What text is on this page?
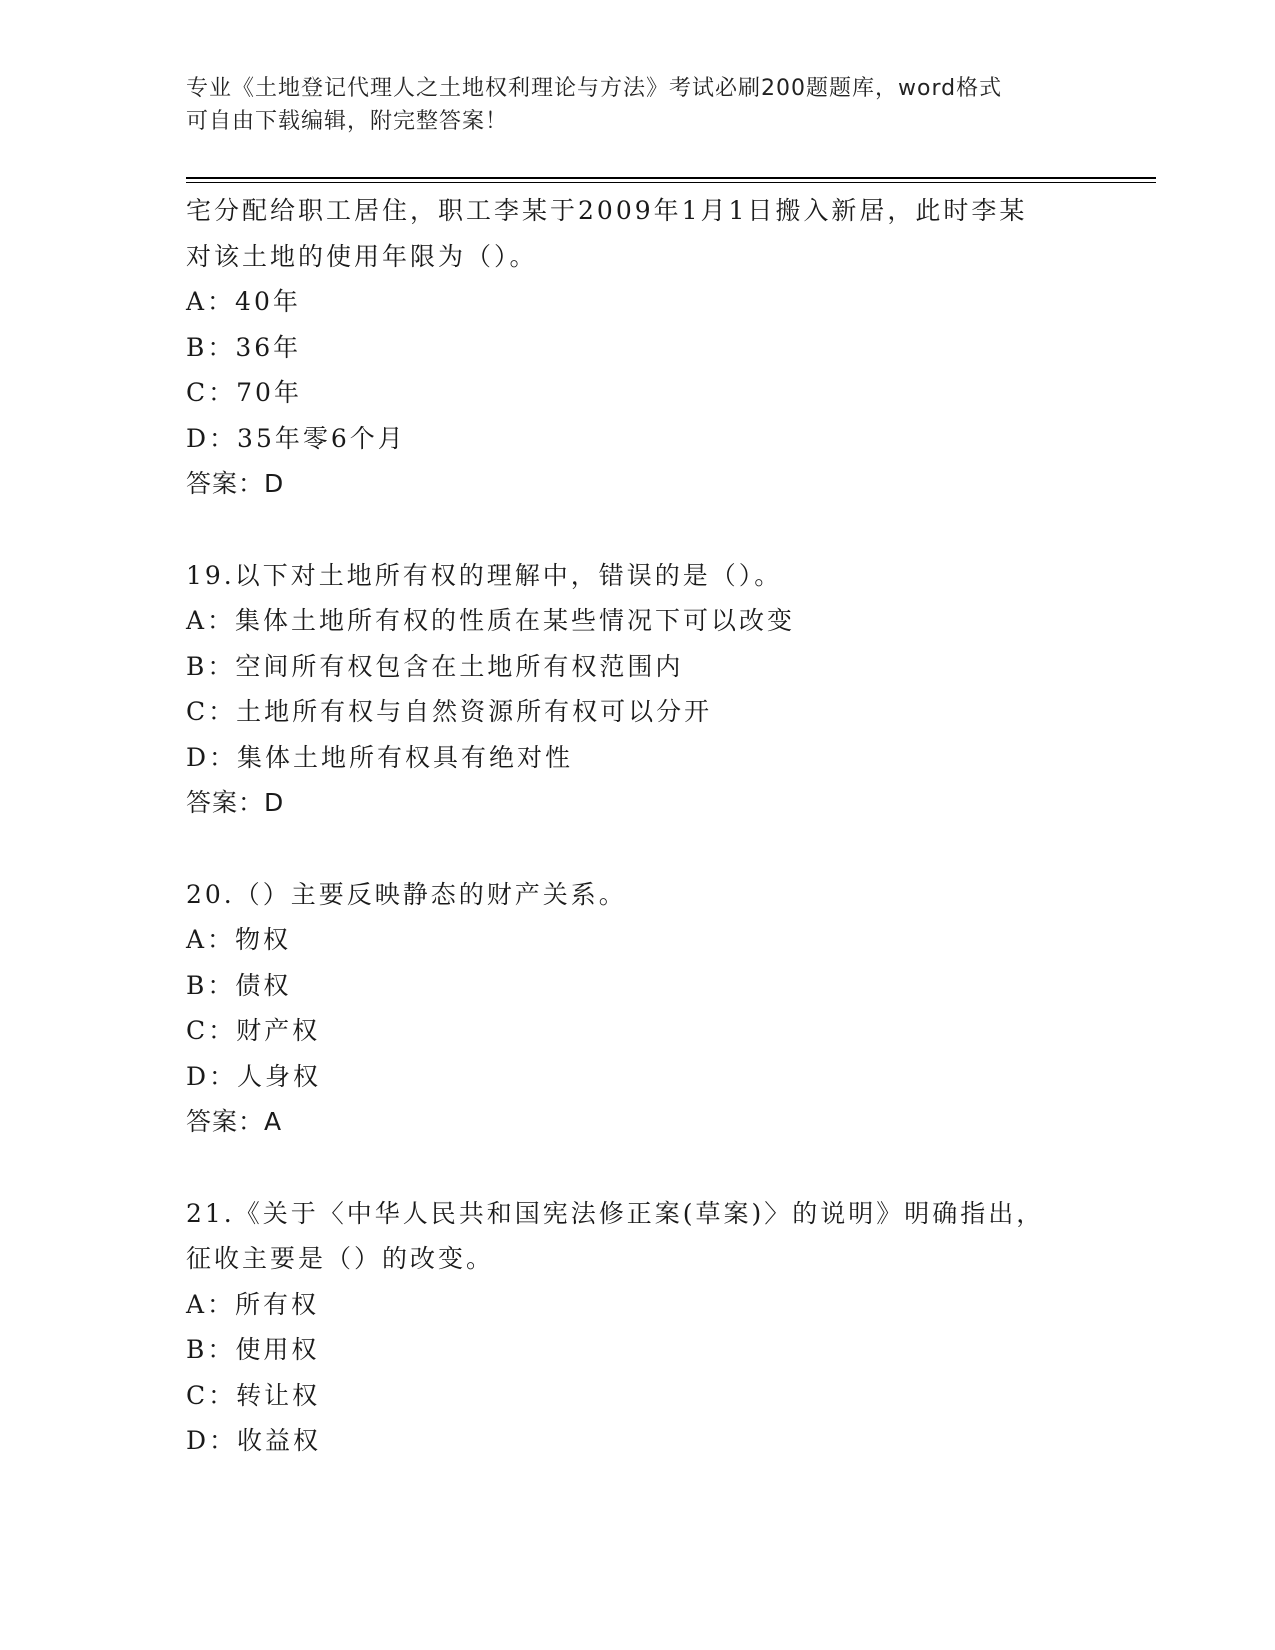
专业《土地登记代理人之土地权利理论与方法》考试必刷200题题库，word格式
可自由下载编辑，附完整答案！
宅分配给职工居住，职工李某于2009年1月1日搬入新居，此时李某
对该土地的使用年限为（）。
A：40年
B：36年
C：70年
D：35年零6个月
答案：D
19.以下对土地所有权的理解中，错误的是（）。
A：集体土地所有权的性质在某些情况下可以改变
B：空间所有权包含在土地所有权范围内
C：土地所有权与自然资源所有权可以分开
D：集体土地所有权具有绝对性
答案：D
20.（）主要反映静态的财产关系。
A：物权
B：债权
C：财产权
D：人身权
答案：A
21.《关于〈中华人民共和国宪法修正案(草案)〉的说明》明确指出，
征收主要是（）的改变。
A：所有权
B：使用权
C：转让权
D：收益权
